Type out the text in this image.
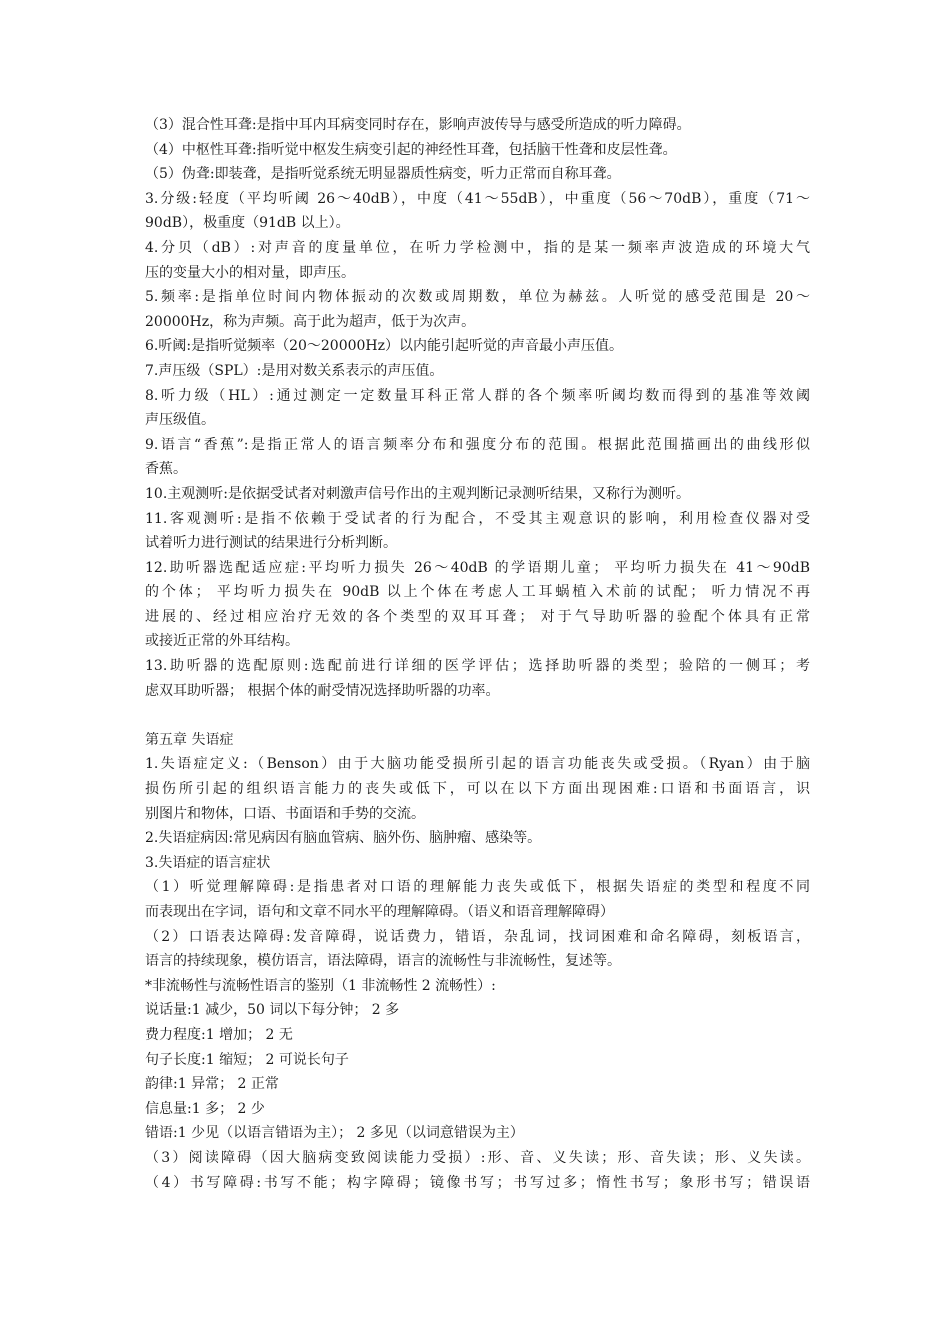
（3）混合性耳聋:是指中耳内耳病变同时存在，影响声波传导与感受所造成的听力障碍。

（4）中枢性耳聋:指听觉中枢发生病变引起的神经性耳聋，包括脑干性聋和皮层性聋。

（5）伪聋:即装聋，是指听觉系统无明显器质性病变，听力正常而自称耳聋。

3.分级:轻度（平均听阈 26～40dB），中度（41～55dB），中重度（56～70dB），重度（71～

90dB），极重度（91dB 以上）。

4.分贝（dB）:对声音的度量单位，在听力学检测中，指的是某一频率声波造成的环境大气

压的变量大小的相对量，即声压。

5.频率:是指单位时间内物体振动的次数或周期数，单位为赫兹。人听觉的感受范围是 20～

20000Hz，称为声频。高于此为超声，低于为次声。

6.听阈:是指听觉频率（20～20000Hz）以内能引起听觉的声音最小声压值。

7.声压级（SPL）:是用对数关系表示的声压值。

8.听力级（HL）:通过测定一定数量耳科正常人群的各个频率听阈均数而得到的基准等效阈

声压级值。

9.语言“香蕉”:是指正常人的语言频率分布和强度分布的范围。根据此范围描画出的曲线形似

香蕉。

10.主观测听:是依据受试者对刺激声信号作出的主观判断记录测听结果，又称行为测听。

11.客观测听:是指不依赖于受试者的行为配合，不受其主观意识的影响，利用检查仪器对受

试着听力进行测试的结果进行分析判断。

12.助听器选配适应症:平均听力损失 26～40dB 的学语期儿童； 平均听力损失在 41～90dB

的个体； 平均听力损失在 90dB 以上个体在考虑人工耳蜗植入术前的试配； 听力情况不再

进展的、经过相应治疗无效的各个类型的双耳耳聋； 对于气导助听器的验配个体具有正常

或接近正常的外耳结构。

13.助听器的选配原则:选配前进行详细的医学评估；选择助听器的类型；验陪的一侧耳；考

虑双耳助听器； 根据个体的耐受情况选择助听器的功率。

第五章 失语症

1.失语症定义:（Benson）由于大脑功能受损所引起的语言功能丧失或受损。（Ryan）由于脑

损伤所引起的组织语言能力的丧失或低下，可以在以下方面出现困难:口语和书面语言，识

别图片和物体，口语、书面语和手势的交流。

2.失语症病因:常见病因有脑血管病、脑外伤、脑肿瘤、感染等。

3.失语症的语言症状

（1）听觉理解障碍:是指患者对口语的理解能力丧失或低下，根据失语症的类型和程度不同

而表现出在字词，语句和文章不同水平的理解障碍。（语义和语音理解障碍）

（2）口语表达障碍:发音障碍，说话费力，错语，杂乱词，找词困难和命名障碍，刻板语言，

语言的持续现象，模仿语言，语法障碍，语言的流畅性与非流畅性，复述等。

*非流畅性与流畅性语言的鉴别（1 非流畅性 2 流畅性）:

说话量:1 减少，50 词以下每分钟； 2 多

费力程度:1 增加； 2 无

句子长度:1 缩短； 2 可说长句子

韵律:1 异常； 2 正常

信息量:1 多； 2 少

错语:1 少见（以语言错语为主）； 2 多见（以词意错误为主）

（3）阅读障碍（因大脑病变致阅读能力受损）:形、音、义失读；形、音失读；形、义失读。

（4）书写障碍:书写不能；构字障碍；镜像书写；书写过多；惰性书写；象形书写；错误语
